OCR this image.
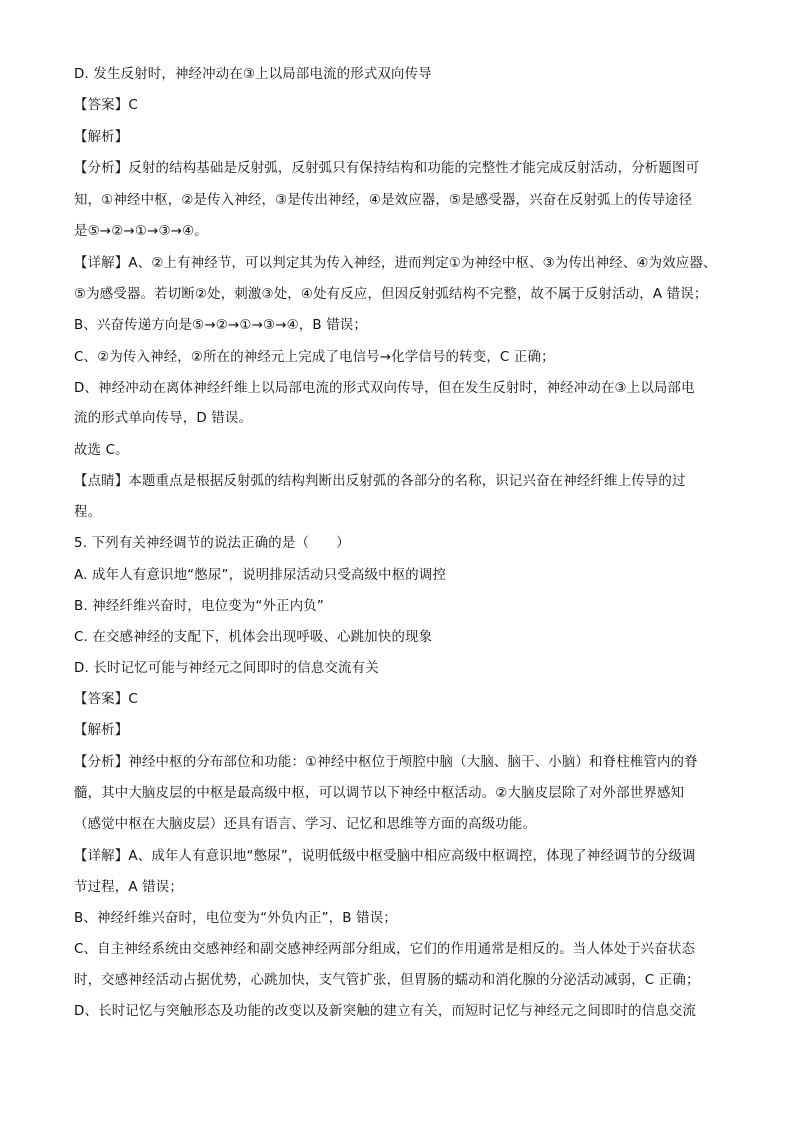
D. 发生反射时，神经冲动在③上以局部电流的形式双向传导
【答案】C
【解析】
【分析】反射的结构基础是反射弧，反射弧只有保持结构和功能的完整性才能完成反射活动，分析题图可
知，①神经中枢，②是传入神经，③是传出神经，④是效应器，⑤是感受器，兴奋在反射弧上的传导途径
是⑤→②→①→③→④。
【详解】A、②上有神经节，可以判定其为传入神经，进而判定①为神经中枢、③为传出神经、④为效应器、
⑤为感受器。若切断②处，刺激③处，④处有反应，但因反射弧结构不完整，故不属于反射活动，A 错误；
B、兴奋传递方向是⑤→②→①→③→④，B 错误；
C、②为传入神经，②所在的神经元上完成了电信号→化学信号的转变，C 正确；
D、神经冲动在离体神经纤维上以局部电流的形式双向传导，但在发生反射时，神经冲动在③上以局部电
流的形式单向传导，D 错误。
故选 C。
【点睛】本题重点是根据反射弧的结构判断出反射弧的各部分的名称，识记兴奋在神经纤维上传导的过
程。
5. 下列有关神经调节的说法正确的是（　　）
A. 成年人有意识地“憋尿”，说明排尿活动只受高级中枢的调控
B. 神经纤维兴奋时，电位变为“外正内负”
C. 在交感神经的支配下，机体会出现呼吸、心跳加快的现象
D. 长时记忆可能与神经元之间即时的信息交流有关
【答案】C
【解析】
【分析】神经中枢的分布部位和功能：①神经中枢位于颅腔中脑（大脑、脑干、小脑）和脊柱椎管内的脊
髓，其中大脑皮层的中枢是最高级中枢，可以调节以下神经中枢活动。②大脑皮层除了对外部世界感知
（感觉中枢在大脑皮层）还具有语言、学习、记忆和思维等方面的高级功能。
【详解】A、成年人有意识地“憋尿”，说明低级中枢受脑中相应高级中枢调控，体现了神经调节的分级调
节过程，A 错误；
B、神经纤维兴奋时，电位变为“外负内正”，B 错误；
C、自主神经系统由交感神经和副交感神经两部分组成，它们的作用通常是相反的。当人体处于兴奋状态
时，交感神经活动占据优势，心跳加快，支气管扩张，但胃肠的蠕动和消化腺的分泌活动减弱，C 正确；
D、长时记忆与突触形态及功能的改变以及新突触的建立有关，而短时记忆与神经元之间即时的信息交流
